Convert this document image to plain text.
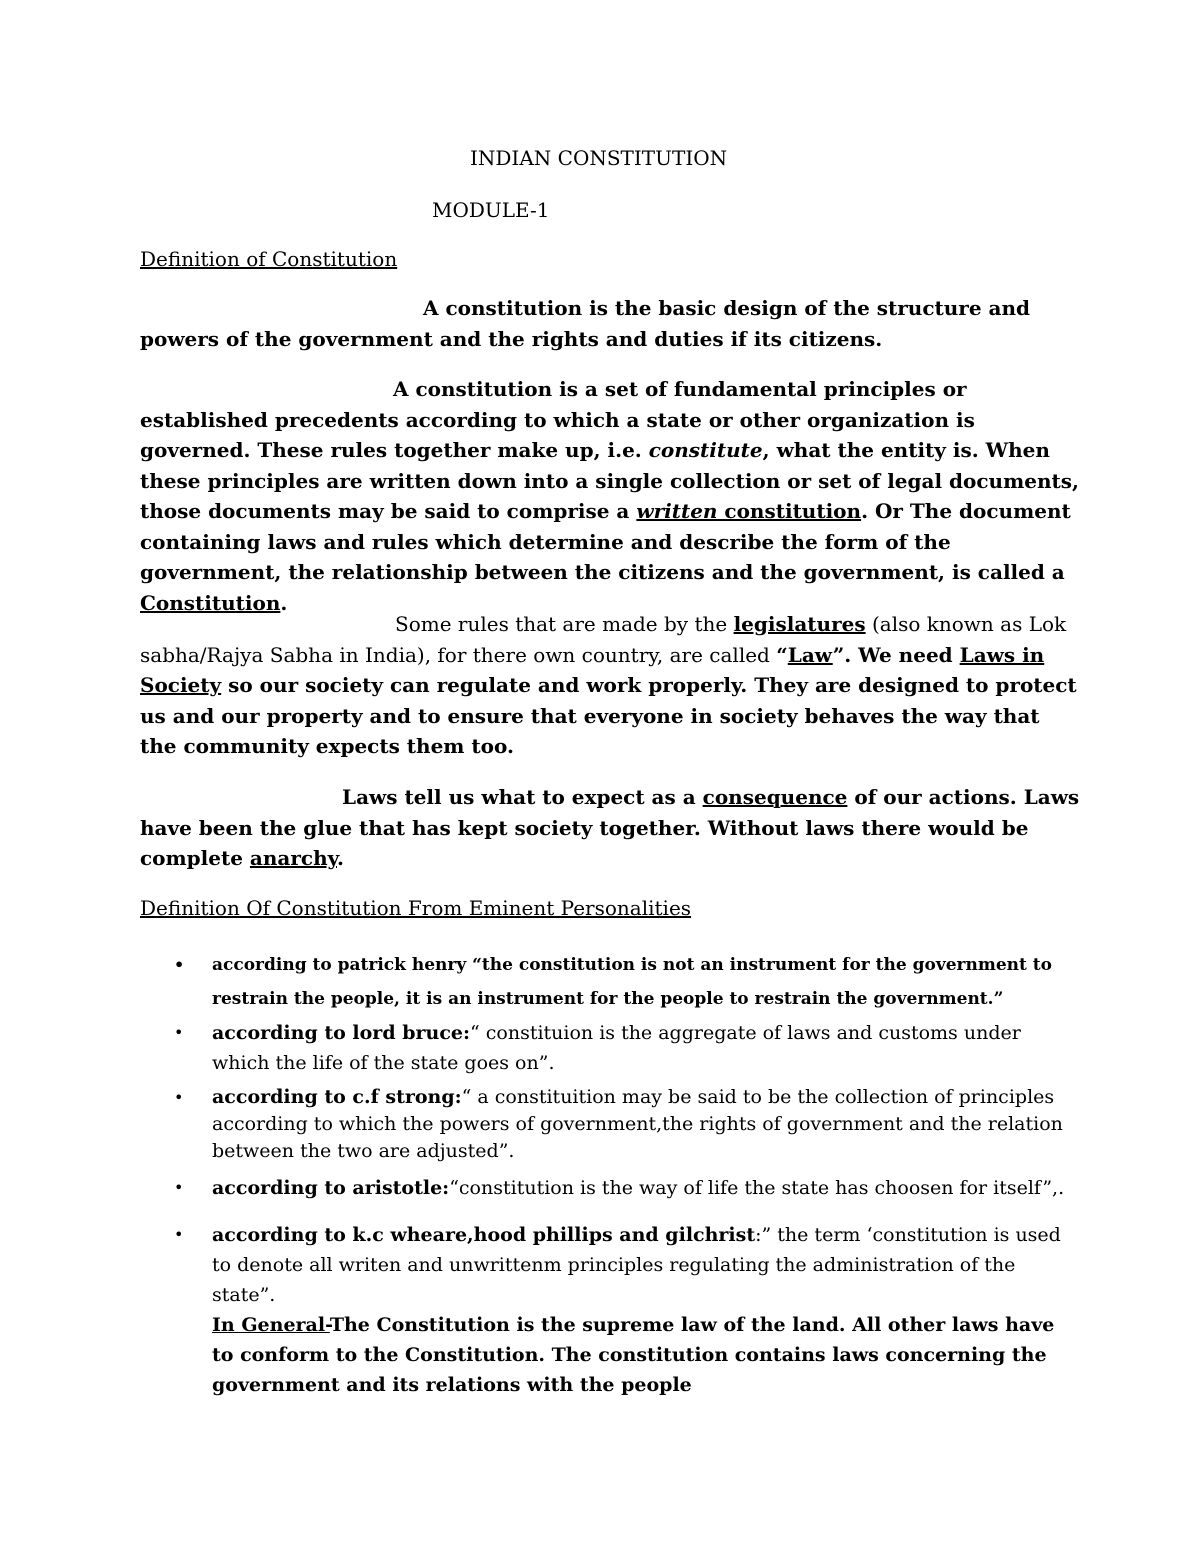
INDIAN CONSTITUTION
MODULE-1
Definition of Constitution

A constitution is the basic design of the structure and powers of the government and the rights and duties if its citizens.

A constitution is a set of fundamental principles or established precedents according to which a state or other organization is governed. These rules together make up, i.e. constitute, what the entity is. When these principles are written down into a single collection or set of legal documents, those documents may be said to comprise a written constitution. Or The document containing laws and rules which determine and describe the form of the government, the relationship between the citizens and the government, is called a Constitution.

Some rules that are made by the legislatures (also known as Lok sabha/Rajya Sabha in India), for there own country, are called “Law”. We need Laws in Society so our society can regulate and work properly. They are designed to protect us and our property and to ensure that everyone in society behaves the way that the community expects them too.

Laws tell us what to expect as a consequence of our actions. Laws have been the glue that has kept society together. Without laws there would be complete anarchy.

Definition Of Constitution From Eminent Personalities
• according to patrick henry “the constitution is not an instrument for the government to restrain the people, it is an instrument for the people to restrain the government.”
• according to lord bruce:“ constituion is the aggregate of laws and customs under which the life of the state goes on”.
• according to c.f strong:“ a constituition may be said to be the collection of principles according to which the powers of government,the rights of government and the relation between the two are adjusted”.
• according to aristotle:“constitution is the way of life the state has choosen for itself”,.
• according to k.c wheare,hood phillips and gilchrist:” the term ‘constitution is used to denote all writen and unwrittenm principles regulating the administration of the state”.
In General-The Constitution is the supreme law of the land. All other laws have to conform to the Constitution. The constitution contains laws concerning the government and its relations with the people
